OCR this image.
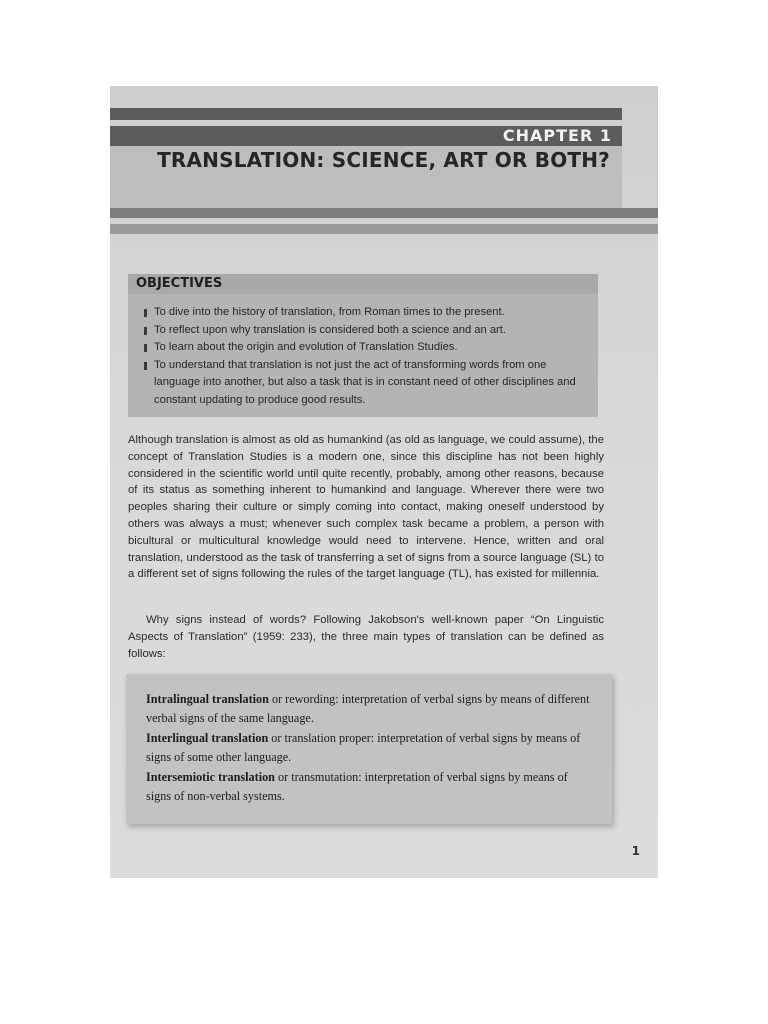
CHAPTER 1
TRANSLATION: SCIENCE, ART OR BOTH?
OBJECTIVES
To dive into the history of translation, from Roman times to the present.
To reflect upon why translation is considered both a science and an art.
To learn about the origin and evolution of Translation Studies.
To understand that translation is not just the act of transforming words from one language into another, but also a task that is in constant need of other disciplines and constant updating to produce good results.

Although translation is almost as old as humankind (as old as language, we could assume), the concept of Translation Studies is a modern one, since this discipline has not been highly considered in the scientific world until quite recently, probably, among other reasons, because of its status as something inherent to humankind and language. Wherever there were two peoples sharing their culture or simply coming into contact, making oneself understood by others was always a must; whenever such complex task became a problem, a person with bicultural or multicultural knowledge would need to intervene. Hence, written and oral translation, understood as the task of transferring a set of signs from a source language (SL) to a different set of signs following the rules of the target language (TL), has existed for millennia.

Why signs instead of words? Following Jakobson's well-known paper “On Linguistic Aspects of Translation” (1959: 233), the three main types of translation can be defined as follows:

Intralingual translation or rewording: interpretation of verbal signs by means of different verbal signs of the same language.

Interlingual translation or translation proper: interpretation of verbal signs by means of signs of some other language.

Intersemiotic translation or transmutation: interpretation of verbal signs by means of signs of non-verbal systems.

1
